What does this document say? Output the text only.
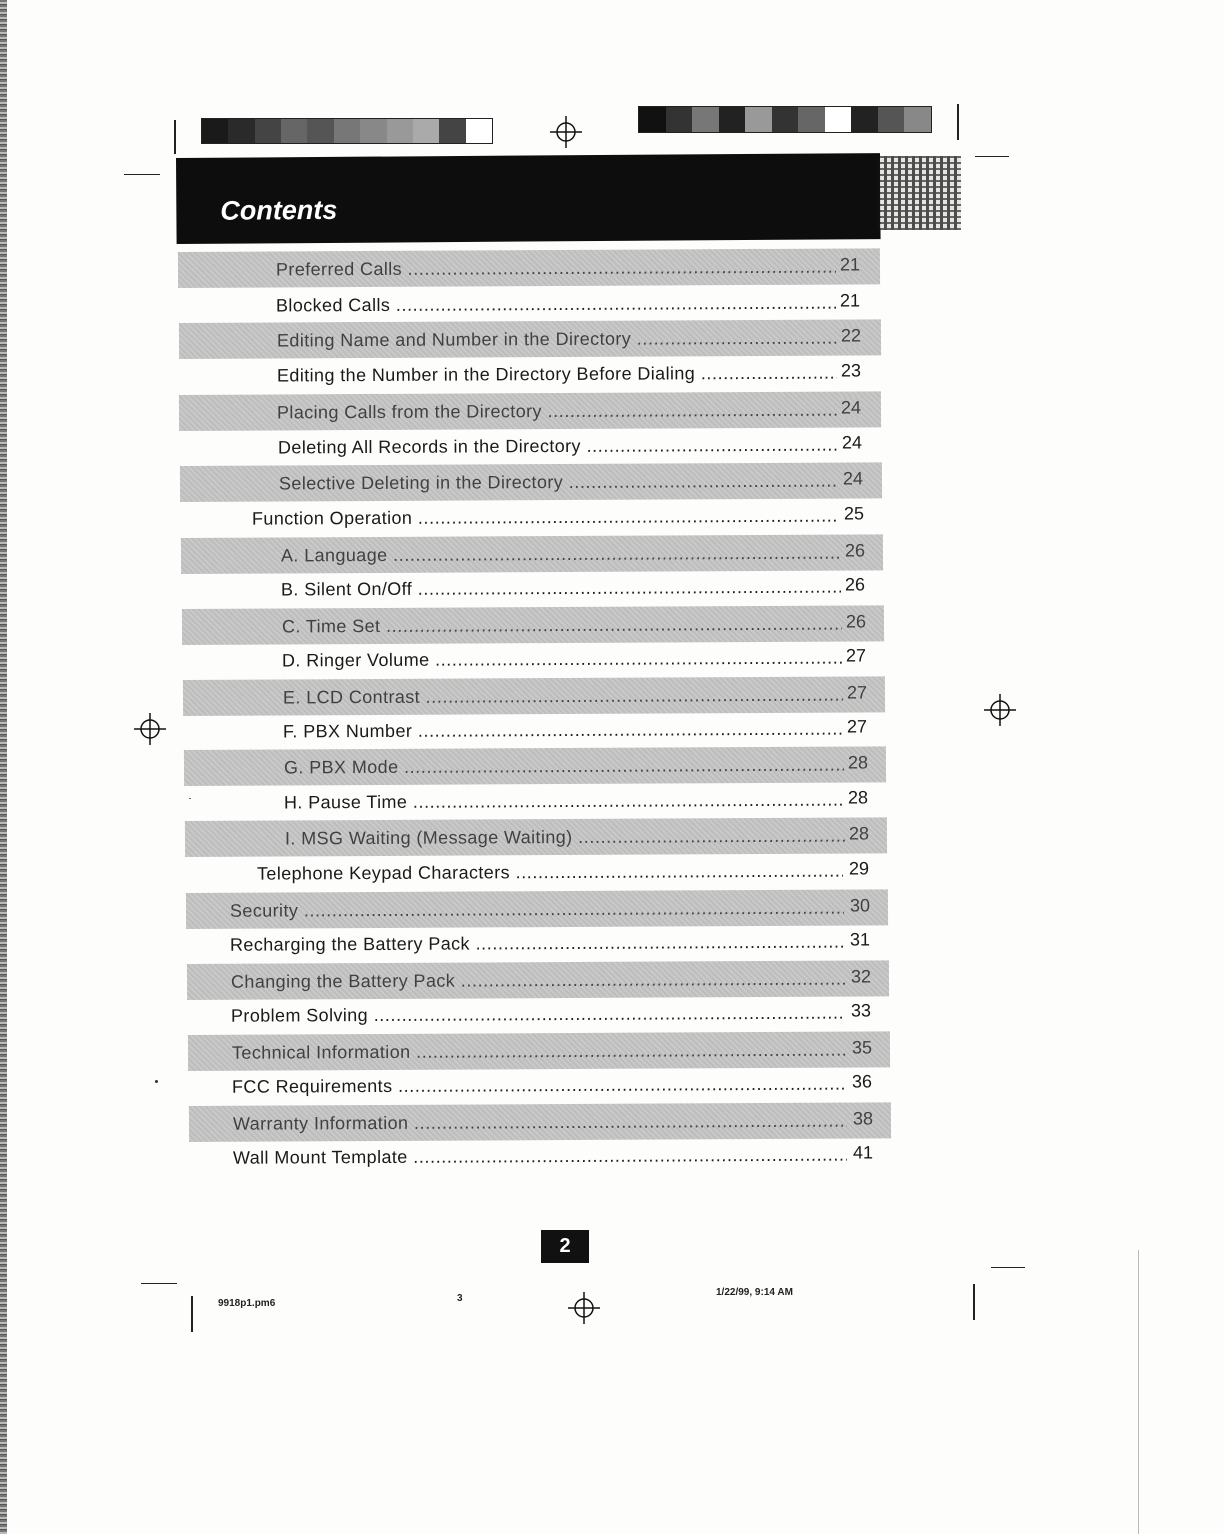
Contents
Preferred Calls .....	21
Blocked Calls .....	21
Editing Name and Number in the Directory .....	22
Editing the Number in the Directory Before Dialing .....	23
Placing Calls from the Directory .....	24
Deleting All Records in the Directory .....	24
Selective Deleting in the Directory .....	24
Function Operation .....	25
A. Language .....	26
B. Silent On/Off .....	26
C. Time Set .....	26
D. Ringer Volume .....	27
E. LCD Contrast .....	27
F. PBX Number .....	27
G. PBX Mode .....	28
H. Pause Time .....	28
I. MSG Waiting (Message Waiting) .....	28
Telephone Keypad Characters .....	29
Security .....	30
Recharging the Battery Pack .....	31
Changing the Battery Pack .....	32
Problem Solving .....	33
Technical Information .....	35
FCC Requirements .....	36
Warranty Information .....	38
Wall Mount Template .....	41
2
9918p1.pm6	3
1/22/99, 9:14 AM
